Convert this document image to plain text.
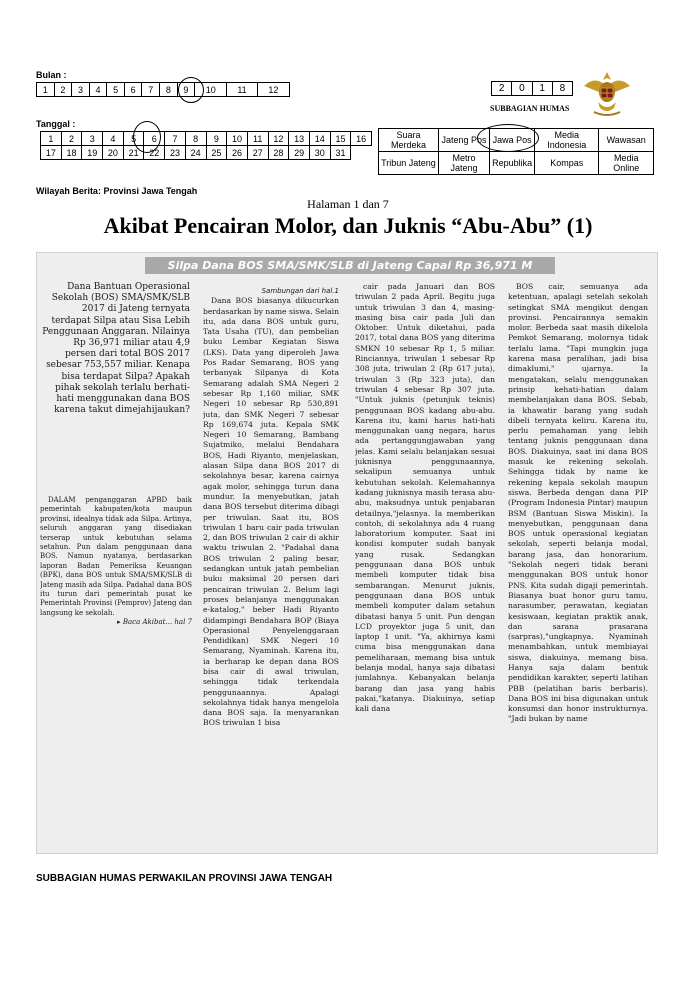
Bulan :
1	2	3	4	5	6	7	8	9	10	11	12
Tanggal :
1	2	3	4	5	6	7	8	9	10	11	12	13	14	15	16
17	18	19	20	21	22	23	24	25	26	27	28	29	30	31	
2	0	1	8
SUBBAGIAN HUMAS
Suara Merdeka	Jateng Pos	Jawa Pos	Media Indonesia	Wawasan
Tribun Jateng	Metro Jateng	Republika	Kompas	Media Online
Wilayah Berita: Provinsi Jawa Tengah
Halaman 1 dan 7
Akibat Pencairan Molor, dan Juknis “Abu-Abu” (1)
Silpa Dana BOS SMA/SMK/SLB di Jateng Capai Rp 36,971 M
Dana Bantuan Operasional Sekolah (BOS) SMA/SMK/SLB 2017 di Jateng ternyata terdapat Silpa atau Sisa Lebih Penggunaan Anggaran. Nilainya Rp 36,971 miliar atau 4,9 persen dari total BOS 2017 sebesar 753,557 miliar. Kenapa bisa terdapat Silpa? Apakah pihak sekolah terlalu berhati-hati menggunakan dana BOS karena takut dimejahijaukan?

DALAM penganggaran APBD baik pemerintah kabupaten/kota maupun provinsi, idealnya tidak ada Silpa. Artinya, seluruh anggaran yang disediakan terserap untuk kebutuhan selama setahun. Pun dalam penggunaan dana BOS. Namun nyatanya, berdasarkan laporan Badan Pemeriksa Keuangan (BPK), dana BOS untuk SMA/SMK/SLB di Jateng masih ada Silpa. Padahal dana BOS itu turun dari pemerintah pusat ke Pemerintah Provinsi (Pemprov) Jateng dan langsung ke sekolah.

▸ Baca Akibat... hal 7
Sambungan dari hal.1

Dana BOS biasanya dikucurkan berdasarkan by name siswa. Selain itu, ada dana BOS untuk guru, Tata Usaha (TU), dan pembelian buku Lembar Kegiatan Siswa (LKS). Data yang diperoleh Jawa Pos Radar Semarang, BOS yang terbanyak Silpanya di Kota Semarang adalah SMA Negeri 2 sebesar Rp 1,160 miliar, SMK Negeri 10 sebesar Rp 530,891 juta, dan SMK Negeri 7 sebesar Rp 169,674 juta. Kepala SMK Negeri 10 Semarang, Bambang Sujatmiko, melalui Bendahara BOS, Hadi Riyanto, menjelaskan, alasan Silpa dana BOS 2017 di sekolahnya besar, karena cairnya agak molor, sehingga turun dana mundur. Ia menyebutkan, jatah dana BOS tersebut diterima dibagi per triwulan. Saat itu, BOS triwulan 1 baru cair pada triwulan 2, dan BOS triwulan 2 cair di akhir waktu triwulan 2. "Padahal dana BOS triwulan 2 paling besar, sedangkan untuk jatah pembelian buku maksimal 20 persen dari pencairan triwulan 2. Belum lagi proses belanjanya menggunakan e-katalog," beber Hadi Riyanto didampingi Bendahara BOP (Biaya Operasional Penyelenggaraan Pendidikan) SMK Negeri 10 Semarang, Nyaminah. Karena itu, ia berharap ke depan dana BOS bisa cair di awal triwulan, sehingga tidak terkendala penggunaannya. Apalagi sekolahnya tidak hanya mengelola dana BOS saja. Ia menyarankan BOS triwulan 1 bisa

cair pada Januari dan BOS triwulan 2 pada April. Begitu juga untuk triwulan 3 dan 4, masing-masing bisa cair pada Juli dan Oktober. Untuk diketahui, pada 2017, total dana BOS yang diterima SMKN 10 sebesar Rp 1, 5 miliar. Rinciannya, triwulan 1 sebesar Rp 308 juta, triwulan 2 (Rp 617 juta), triwulan 3 (Rp 323 juta), dan triwulan 4 sebesar Rp 307 juta. "Untuk juknis (petunjuk teknis) penggunaan BOS kadang abu-abu. Karena itu, kami harus hati-hati menggunakan uang negara, harus ada pertanggungjawaban yang jelas. Kami selalu belanjakan sesuai juknisnya penggunaannya, sekalipun semuanya untuk kebutuhan sekolah. Kelemahannya kadang juknisnya masih terasa abu-abu, maksudnya untuk penjabaran detailnya,"jelasnya. Ia memberikan contoh, di sekolahnya ada 4 ruang laboratorium komputer. Saat ini kondisi komputer sudah banyak yang rusak. Sedangkan penggunaan dana BOS untuk membeli komputer tidak bisa sembarangan. Menurut juknis, penggunaan dana BOS untuk membeli komputer dalam setahun dibatasi hanya 5 unit. Pun dengan LCD proyektor juga 5 unit, dan laptop 1 unit. "Ya, akhirnya kami cuma bisa menggunakan dana pemeliharaan, memang bisa untuk belanja modal, hanya saja dibatasi jumlahnya. Kebanyakan belanja barang dan jasa yang habis pakai,"katanya. Diakuinya, setiap kali dana

BOS cair, semuanya ada ketentuan, apalagi setelah sekolah setingkat SMA mengikut dengan provinsi. Pencairannya semakin molor. Berbeda saat masih dikelola Pemkot Semarang, molornya tidak terlalu lama. "Tapi mungkin juga karena masa peralihan, jadi bisa dimaklumi," ujarnya. Ia mengatakan, selalu menggunakan prinsip kehati-hatian dalam membelanjakan dana BOS. Sebab, ia khawatir barang yang sudah dibeli ternyata keliru. Karena itu, perlu pemahaman yang lebih tentang juknis penggunaan dana BOS. Diakuinya, saat ini dana BOS masuk ke rekening sekolah. Sehingga tidak by name ke rekening kepala sekolah maupun siswa. Berbeda dengan dana PIP (Program Indonesia Pintar) maupun BSM (Bantuan Siswa Miskin). Ia menyebutkan, penggunaan dana BOS untuk operasional kegiatan sekolah, seperti belanja modal, barang jasa, dan honorarium. "Sekolah negeri tidak berani menggunakan BOS untuk honor PNS. Kita sudah digaji pemerintah. Biasanya buat honor guru tamu, narasumber, perawatan, kegiatan kesiswaan, kegiatan praktik anak, dan sarana prasarana (sarpras),"ungkapnya. Nyaminah menambahkan, untuk membiayai siswa, diakuinya, memang bisa. Hanya saja dalam bentuk pendidikan karakter, seperti latihan PBB (pelatihan baris berbaris). Dana BOS ini bisa digunakan untuk konsumsi dan honor instrukturnya. "Jadi bukan by name

SUBBAGIAN HUMAS PERWAKILAN PROVINSI JAWA TENGAH
